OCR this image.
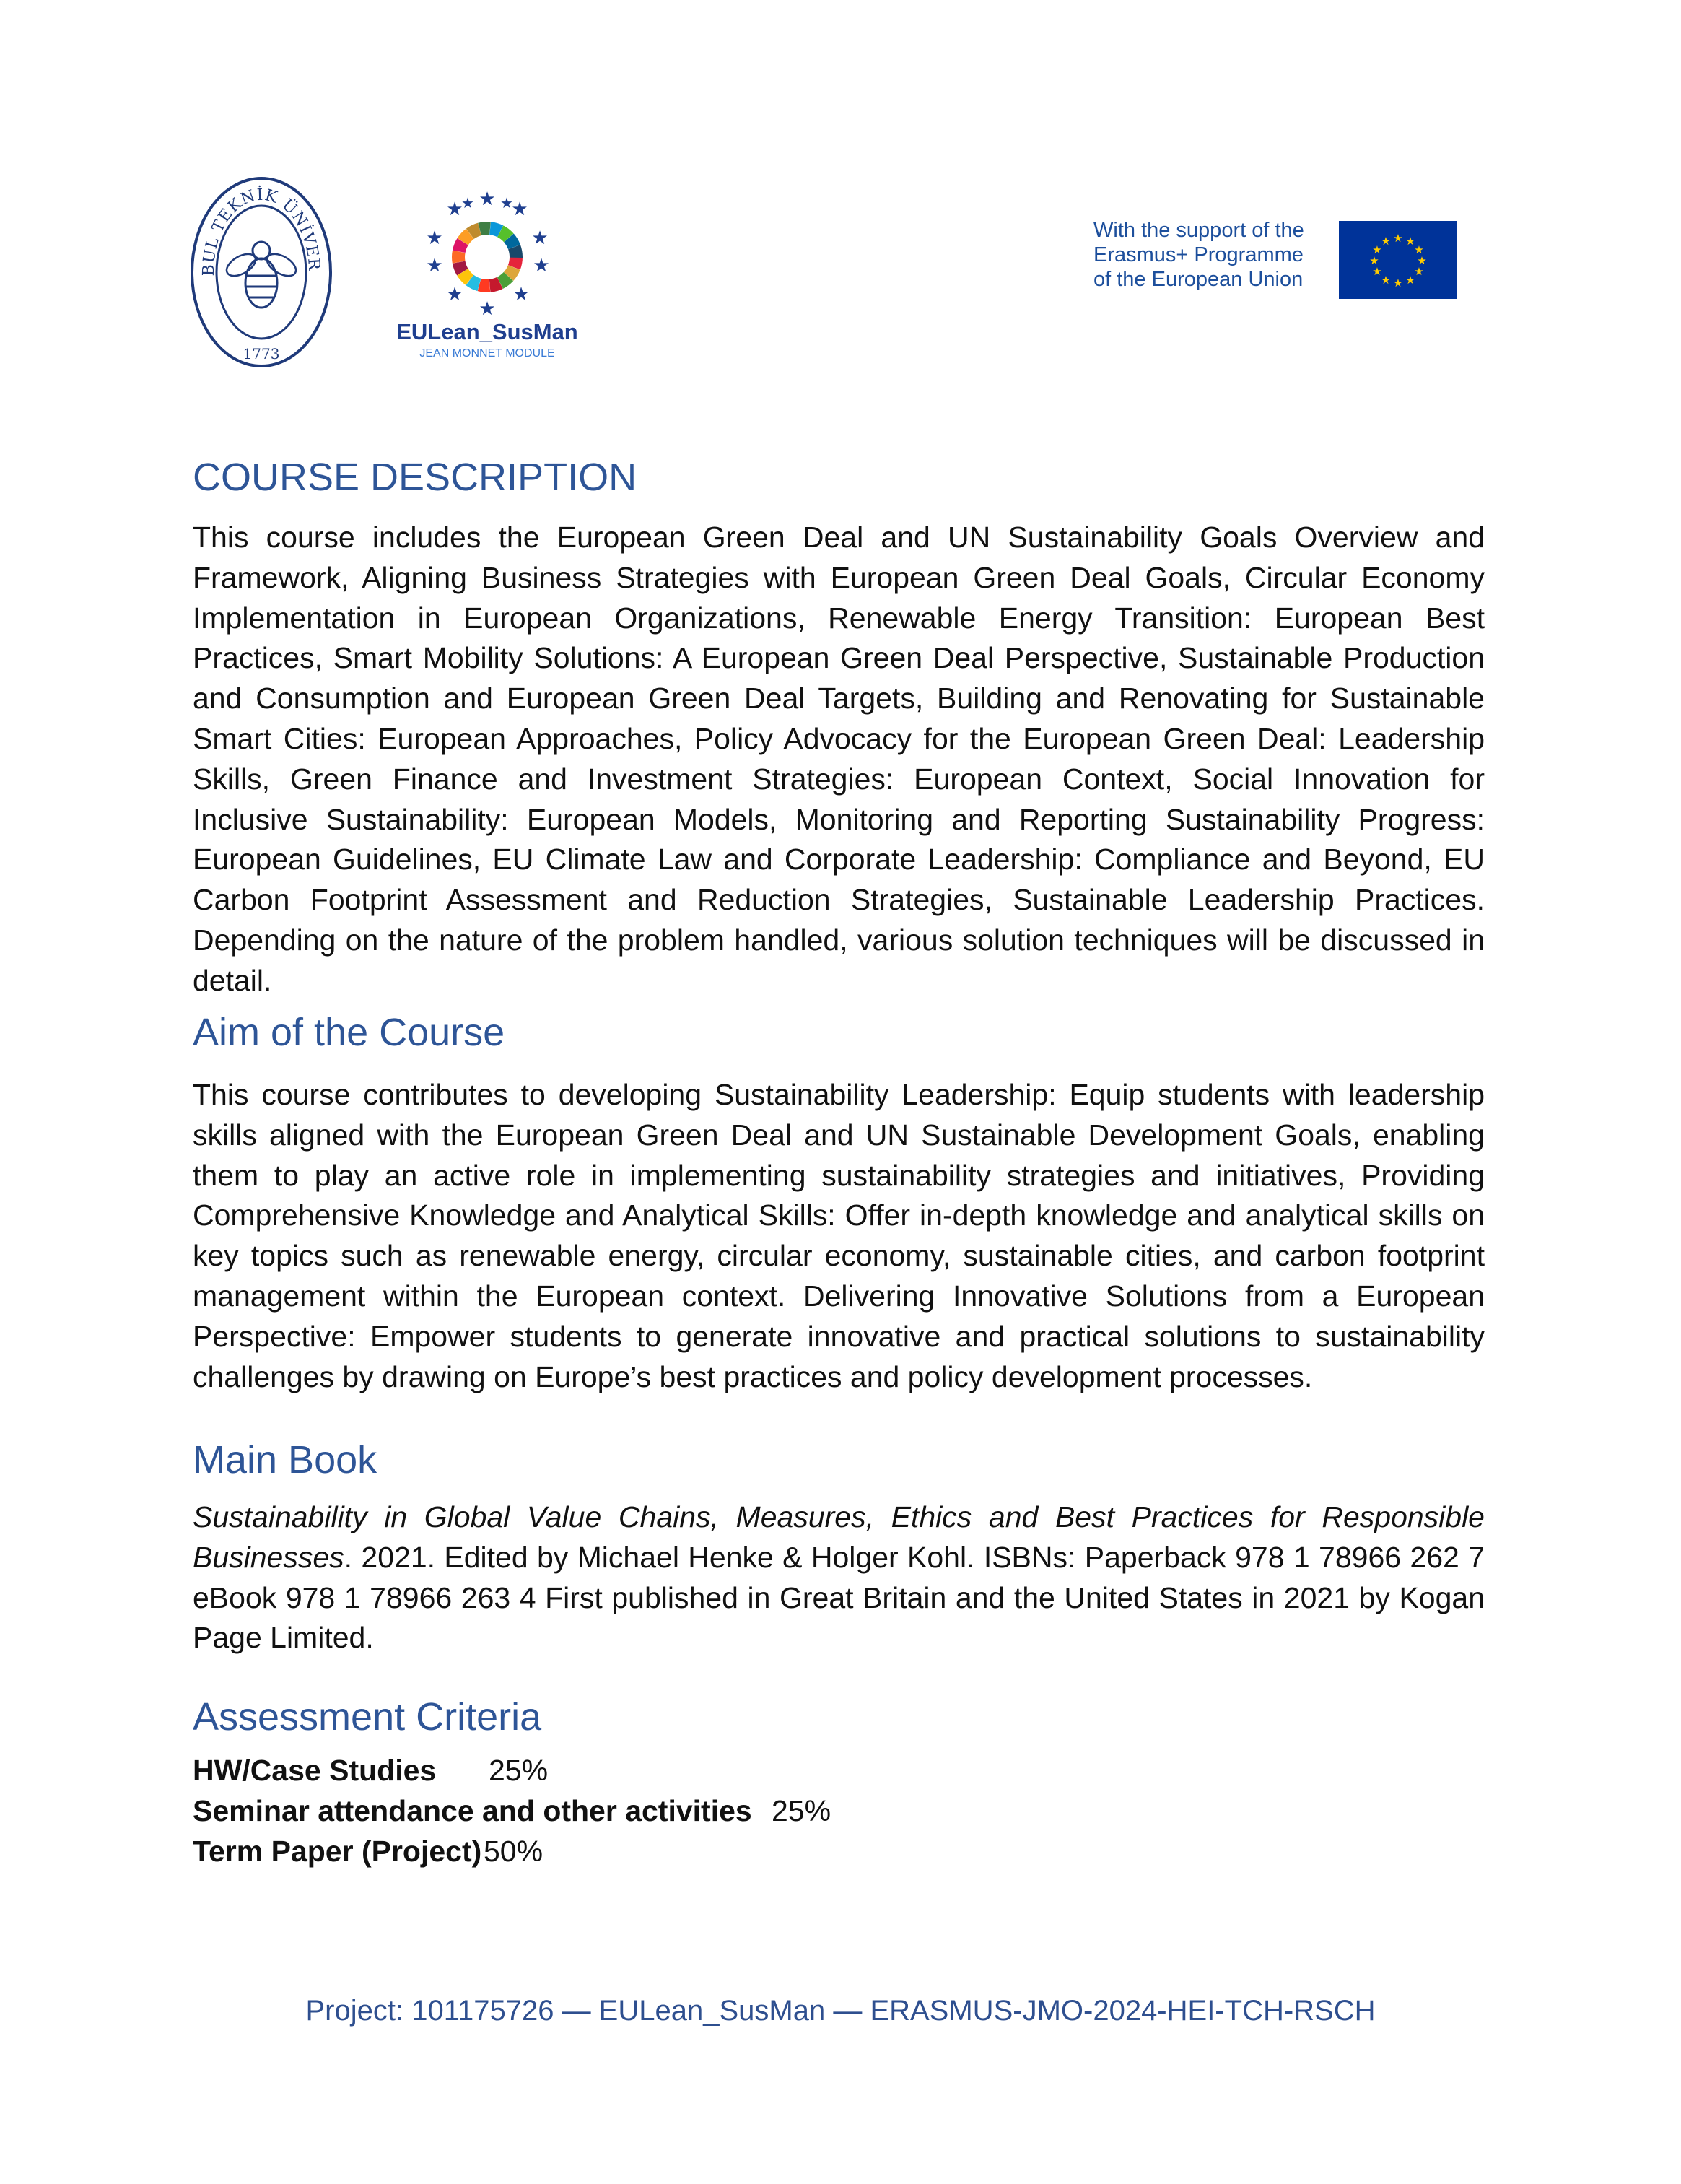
BUL TEKNİK ÜNİVER
1773
★ ★
★
★
★
★
★
★
★
★
★ ★
EULean_SusMan
JEAN MONNET MODULE
With the support of the
Erasmus+ Programme
of the European Union
★ ★
★
★
★
★
★
★
★
★
★
★
COURSE DESCRIPTION

This course includes the European Green Deal and UN Sustainability Goals Overview and Framework, Aligning Business Strategies with European Green Deal Goals, Circular Economy Implementation in European Organizations, Renewable Energy Transition: European Best Practices, Smart Mobility Solutions: A European Green Deal Perspective, Sustainable Production and Consumption and European Green Deal Targets, Building and Renovating for Sustainable Smart Cities: European Approaches, Policy Advocacy for the European Green Deal: Leadership Skills, Green Finance and Investment Strategies: European Context, Social Innovation for Inclusive Sustainability: European Models, Monitoring and Reporting Sustainability Progress: European Guidelines, EU Climate Law and Corporate Leadership: Compliance and Beyond, EU Carbon Footprint Assessment and Reduction Strategies, Sustainable Leadership Practices. Depending on the nature of the problem handled, various solution techniques will be discussed in detail.

Aim of the Course

This course contributes to developing Sustainability Leadership: Equip students with leadership skills aligned with the European Green Deal and UN Sustainable Development Goals, enabling them to play an active role in implementing sustainability strategies and initiatives, Providing Comprehensive Knowledge and Analytical Skills: Offer in-depth knowledge and analytical skills on key topics such as renewable energy, circular economy, sustainable cities, and carbon footprint management within the European context. Delivering Innovative Solutions from a European Perspective: Empower students to generate innovative and practical solutions to sustainability challenges by drawing on Europe’s best practices and policy development processes.

Main Book

Sustainability in Global Value Chains, Measures, Ethics and Best Practices for Responsible Businesses. 2021. Edited by Michael Henke & Holger Kohl. ISBNs: Paperback 978 1 78966 262 7 eBook 978 1 78966 263 4 First published in Great Britain and the United States in 2021 by Kogan Page Limited.

Assessment Criteria
HW/Case Studies 25%
Seminar attendance and other activities 25%
Term Paper (Project) 50%
Project: 101175726 — EULean_SusMan — ERASMUS-JMO-2024-HEI-TCH-RSCH
